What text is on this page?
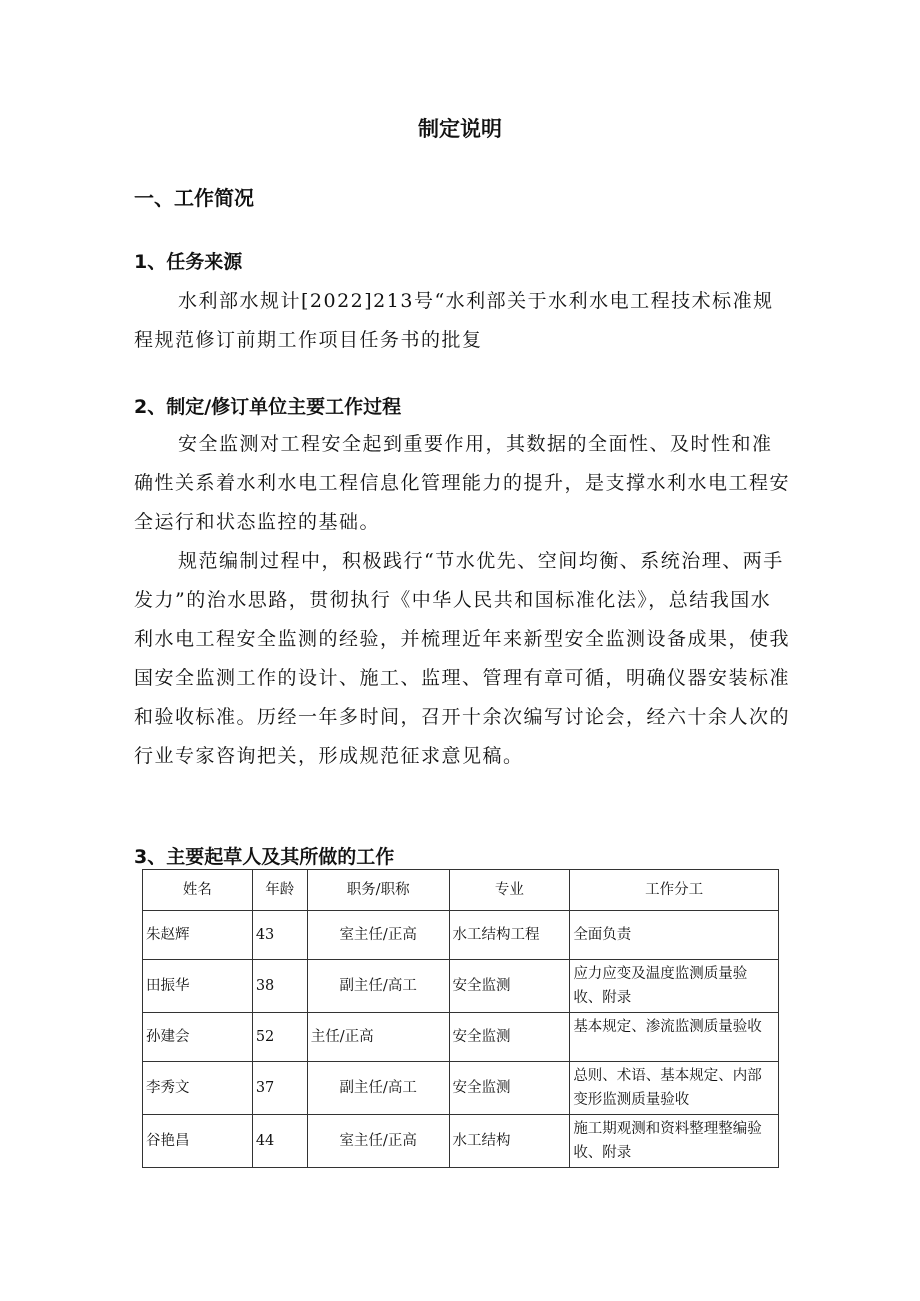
制定说明
一、工作简况
1、任务来源

水利部水规计[2022]213号“水利部关于水利水电工程技术标准规程规范修订前期工作项目任务书的批复

2、制定/修订单位主要工作过程

安全监测对工程安全起到重要作用，其数据的全面性、及时性和准确性关系着水利水电工程信息化管理能力的提升，是支撑水利水电工程安全运行和状态监控的基础。

规范编制过程中，积极践行“节水优先、空间均衡、系统治理、两手发力”的治水思路，贯彻执行《中华人民共和国标准化法》，总结我国水利水电工程安全监测的经验，并梳理近年来新型安全监测设备成果，使我国安全监测工作的设计、施工、监理、管理有章可循，明确仪器安装标准和验收标准。历经一年多时间，召开十余次编写讨论会，经六十余人次的行业专家咨询把关，形成规范征求意见稿。

3、主要起草人及其所做的工作
姓名	年龄	职务/职称	专业	工作分工
朱赵辉	43	室主任/正高	水工结构工程	全面负责
田振华	38	副主任/高工	安全监测	应力应变及温度监测质量验收、附录
孙建会	52	主任/正高	安全监测	基本规定、渗流监测质量验收
李秀文	37	副主任/高工	安全监测	总则、术语、基本规定、内部变形监测质量验收
谷艳昌	44	室主任/正高	水工结构	施工期观测和资料整理整编验收、附录
